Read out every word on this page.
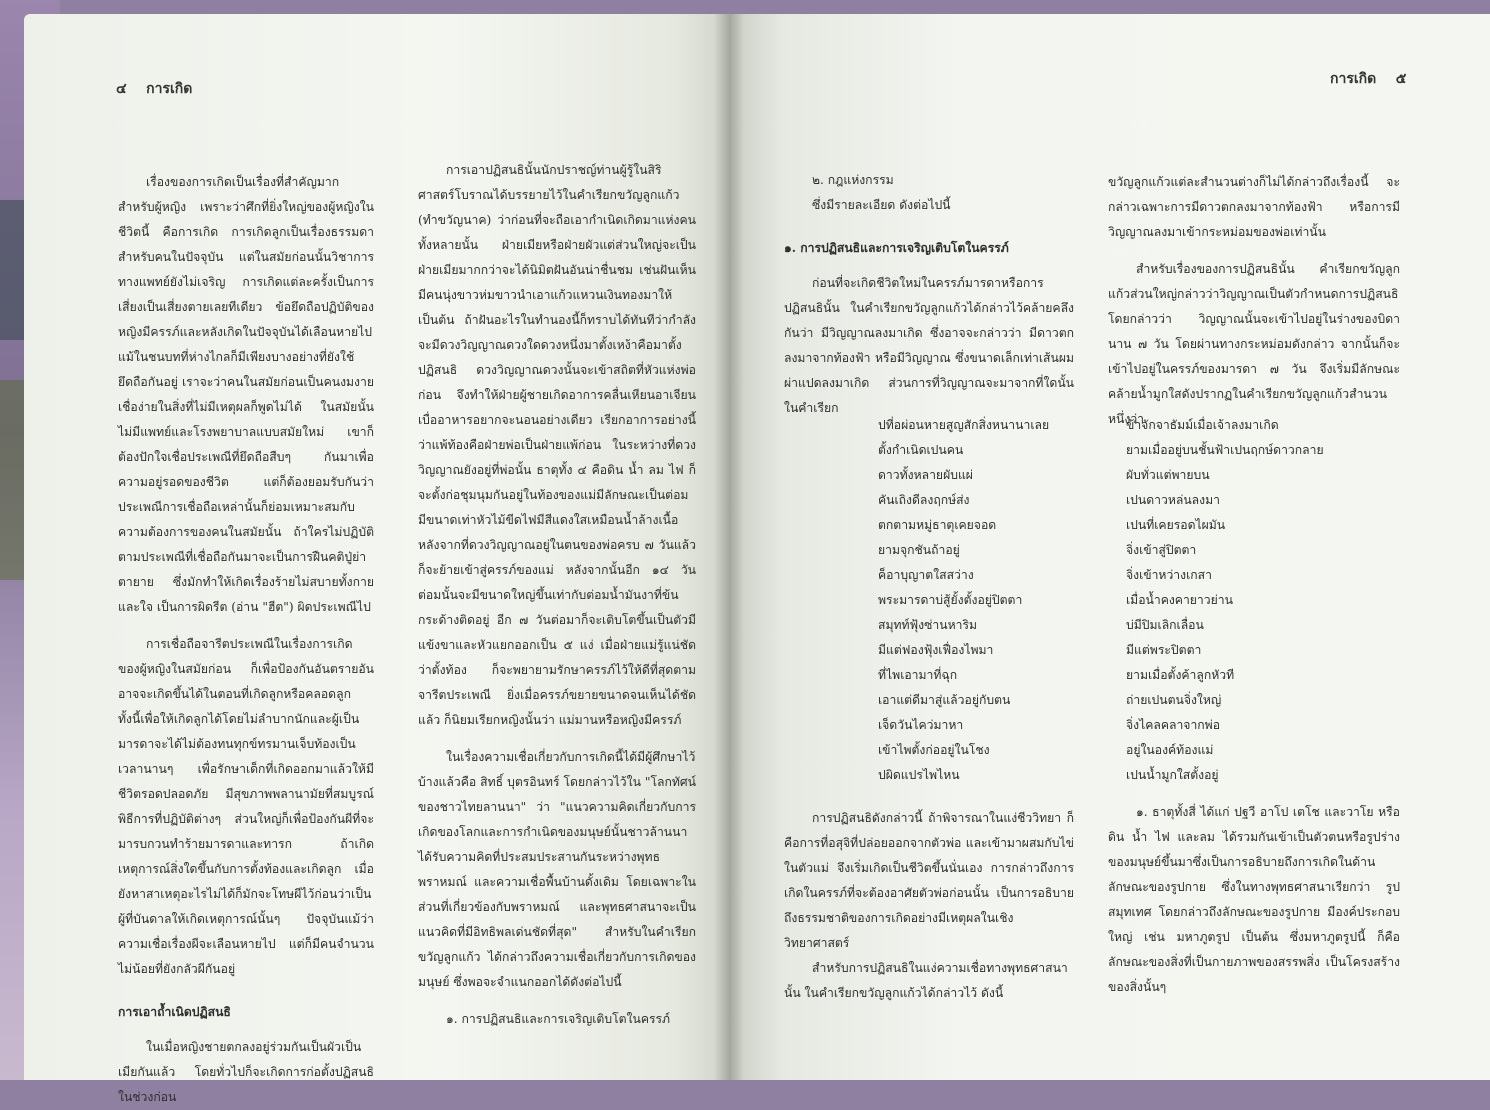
๔ การเกิด

เรื่องของการเกิดเป็นเรื่องที่สำคัญมากสำหรับผู้หญิง เพราะว่าศึกที่ยิ่งใหญ่ของผู้หญิงในชีวิตนี้ คือการเกิด การเกิดลูกเป็นเรื่องธรรมดาสำหรับคนในปัจจุบัน แต่ในสมัยก่อนนั้นวิชาการทางแพทย์ยังไม่เจริญ การเกิดแต่ละครั้งเป็นการเสี่ยงเป็นเสี่ยงตายเลยทีเดียว ข้อยึดถือปฏิบัติของหญิงมีครรภ์และหลังเกิดในปัจจุบันได้เลือนหายไป แม้ในชนบทที่ห่างไกลก็มีเพียงบางอย่างที่ยังใช้ยึดถือกันอยู่ เราจะว่าคนในสมัยก่อนเป็นคนงมงาย เชื่อง่ายในสิ่งที่ไม่มีเหตุผลก็พูดไม่ได้ ในสมัยนั้นไม่มีแพทย์และโรงพยาบาลแบบสมัยใหม่ เขาก็ต้องปักใจเชื่อประเพณีที่ยึดถือสืบๆ กันมาเพื่อความอยู่รอดของชีวิต แต่ก็ต้องยอมรับกันว่าประเพณีการเชื่อถือเหล่านั้นก็ย่อมเหมาะสมกับความต้องการของคนในสมัยนั้น ถ้าใครไม่ปฏิบัติตามประเพณีที่เชื่อถือกันมาจะเป็นการฝืนคติปู่ย่าตายาย ซึ่งมักทำให้เกิดเรื่องร้ายไม่สบายทั้งกายและใจ เป็นการผิดรีต (อ่าน "ฮีต") ผิดประเพณีไป

การเชื่อถือจารีตประเพณีในเรื่องการเกิดของผู้หญิงในสมัยก่อน ก็เพื่อป้องกันอันตรายอันอาจจะเกิดขึ้นได้ในตอนที่เกิดลูกหรือคลอดลูก ทั้งนี้เพื่อให้เกิดลูกได้โดยไม่ลำบากนักและผู้เป็นมารดาจะได้ไม่ต้องทนทุกข์ทรมานเจ็บท้องเป็นเวลานานๆ เพื่อรักษาเด็กที่เกิดออกมาแล้วให้มีชีวิตรอดปลอดภัย มีสุขภาพพลานามัยที่สมบูรณ์ พิธีการที่ปฏิบัติต่างๆ ส่วนใหญ่ก็เพื่อป้องกันผีที่จะมารบกวนทำร้ายมารดาและทารก ถ้าเกิดเหตุการณ์สิ่งใดขึ้นกับการตั้งท้องและเกิดลูก เมื่อยังหาสาเหตุอะไรไม่ได้ก็มักจะโทษผีไว้ก่อนว่าเป็นผู้ที่บันดาลให้เกิดเหตุการณ์นั้นๆ ปัจจุบันแม้ว่าความเชื่อเรื่องผีจะเลือนหายไป แต่ก็มีคนจำนวนไม่น้อยที่ยังกลัวผีกันอยู่

การเอาถ้ำเนิดปฏิสนธิ

ในเมื่อหญิงชายตกลงอยู่ร่วมกันเป็นผัวเป็นเมียกันแล้ว โดยทั่วไปก็จะเกิดการก่อตั้งปฏิสนธิ ในช่วงก่อน

การเอาปฏิสนธินั้นนักปราชญ์ท่านผู้รู้ในสิริศาสตร์โบราณได้บรรยายไว้ในคำเรียกขวัญลูกแก้ว (ทำขวัญนาค) ว่าก่อนที่จะถือเอากำเนิดเกิดมาแห่งคนทั้งหลายนั้น ฝ่ายเมียหรือฝ่ายผัวแต่ส่วนใหญ่จะเป็นฝ่ายเมียมากกว่าจะได้นิมิตฝันอันน่าชื่นชม เช่นฝันเห็นมีคนนุ่งขาวห่มขาวนำเอาแก้วแหวนเงินทองมาให้ เป็นต้น ถ้าฝันอะไรในทำนองนี้ก็ทราบได้ทันทีว่ากำลังจะมีดวงวิญญาณดวงใดดวงหนึ่งมาตั้งเหง้าคือมาตั้งปฏิสนธิ ดวงวิญญาณดวงนั้นจะเข้าสถิตที่หัวแห่งพ่อก่อน จึงทำให้ฝ่ายผู้ชายเกิดอาการคลื่นเหียนอาเจียน เบื่ออาหารอยากจะนอนอย่างเดียว เรียกอาการอย่างนี้ว่าแพ้ท้องคือฝ่ายพ่อเป็นฝ่ายแพ้ก่อน ในระหว่างที่ดวงวิญญาณยังอยู่ที่พ่อนั้น ธาตุทั้ง ๔ คือดิน น้ำ ลม ไฟ ก็จะตั้งก่อชุมนุมกันอยู่ในท้องของแม่มีลักษณะเป็นต่อมมีขนาดเท่าหัวไม้ขีดไฟมีสีแดงใสเหมือนน้ำล้างเนื้อ หลังจากที่ดวงวิญญาณอยู่ในตนของพ่อครบ ๗ วันแล้วก็จะย้ายเข้าสู่ครรภ์ของแม่ หลังจากนั้นอีก ๑๔ วัน ต่อมนั้นจะมีขนาดใหญ่ขึ้นเท่ากับต่อมน้ำมันงาที่ข้นกระด้างติดอยู่ อีก ๗ วันต่อมาก็จะเติบโตขึ้นเป็นตัวมีแข้งขาและหัวแยกออกเป็น ๕ แง่ เมื่อฝ่ายแม่รู้แน่ชัดว่าตั้งท้อง ก็จะพยายามรักษาครรภ์ไว้ให้ดีที่สุดตามจารีตประเพณี ยิ่งเมื่อครรภ์ขยายขนาดจนเห็นได้ชัดแล้ว ก็นิยมเรียกหญิงนั้นว่า แม่มานหรือหญิงมีครรภ์

ในเรื่องความเชื่อเกี่ยวกับการเกิดนี้ได้มีผู้ศึกษาไว้บ้างแล้วคือ สิทธิ์ บุตรอินทร์ โดยกล่าวไว้ใน "โลกทัศน์ของชาวไทยลานนา" ว่า "แนวความคิดเกี่ยวกับการเกิดของโลกและการกำเนิดของมนุษย์นั้นชาวล้านนาได้รับความคิดที่ประสมประสานกันระหว่างพุทธ พราหมณ์ และความเชื่อพื้นบ้านดั้งเดิม โดยเฉพาะในส่วนที่เกี่ยวข้องกับพราหมณ์ และพุทธศาสนาจะเป็นแนวคิดที่มีอิทธิพลเด่นชัดที่สุด" สำหรับในคำเรียกขวัญลูกแก้ว ได้กล่าวถึงความเชื่อเกี่ยวกับการเกิดของมนุษย์ ซึ่งพอจะจำแนกออกได้ดังต่อไปนี้

๑. การปฏิสนธิและการเจริญเติบโตในครรภ์

การเกิด ๕

๒. กฎแห่งกรรม

ซึ่งมีรายละเอียด ดังต่อไปนี้

๑. การปฏิสนธิและการเจริญเติบโตในครรภ์

ก่อนที่จะเกิดชีวิตใหม่ในครรภ์มารดาหรือการปฏิสนธินั้น ในคำเรียกขวัญลูกแก้วได้กล่าวไว้คล้ายคลึงกันว่า มีวิญญาณลงมาเกิด ซึ่งอาจจะกล่าวว่า มีดาวตกลงมาจากท้องฟ้า หรือมีวิญญาณ ซึ่งขนาดเล็กเท่าเส้นผมผ่าแปดลงมาเกิด ส่วนการที่วิญญาณจะมาจากที่ใดนั้น ในคำเรียก

ปที่อผ่อนหายสูญสักสิ่งหนานาเลย
ตั้งกำเนิดเปนคน
ดาวทั้งหลายผับแผ่
คันเถิงดีลงฤกษ์ส่ง
ตกตามหมู่ธาตุเคยจอด
ยามจุกชันถ้าอยู่
ค็อาบุญาตใสสว่าง
พระมารดาบ่สู้ยั้งตั้งอยู่ปิตตา
สมุทท์ฟุ้งซ่านหาริม
มีแต่ฟองฟุ้งเฟื่องไพมา
ที่ไพเอามาที่ฉุก
เอาแต่ดีมาสู่แล้วอยู่กับตน
เจ็ดวันไคว่มาหา
เข้าไพตั้งก่ออยู่ในโชง
ปผิดแปรไพไหน

การปฏิสนธิดังกล่าวนี้ ถ้าพิจารณาในแง่ชีววิทยา ก็คือการที่อสุจิที่ปล่อยออกจากตัวพ่อ และเข้ามาผสมกับไข่ในตัวแม่ จึงเริ่มเกิดเป็นชีวิตขึ้นนั่นเอง การกล่าวถึงการเกิดในครรภ์ที่จะต้องอาศัยตัวพ่อก่อนนั้น เป็นการอธิบายถึงธรรมชาติของการเกิดอย่างมีเหตุผลในเชิงวิทยาศาสตร์

สำหรับการปฏิสนธิในแง่ความเชื่อทางพุทธศาสนานั้น ในคำเรียกขวัญลูกแก้วได้กล่าวไว้ ดังนี้

ขวัญลูกแก้วแต่ละสำนวนต่างก็ไม่ได้กล่าวถึงเรื่องนี้ จะกล่าวเฉพาะการมีดาวตกลงมาจากท้องฟ้า หรือการมีวิญญาณลงมาเข้ากระหม่อมของพ่อเท่านั้น

สำหรับเรื่องของการปฏิสนธินั้น คำเรียกขวัญลูกแก้วส่วนใหญ่กล่าวว่าวิญญาณเป็นตัวกำหนดการปฏิสนธิ โดยกล่าวว่า วิญญาณนั้นจะเข้าไปอยู่ในร่างของบิดานาน ๗ วัน โดยผ่านทางกระหม่อมดังกล่าว จากนั้นก็จะเข้าไปอยู่ในครรภ์ของมารดา ๗ วัน จึงเริ่มมีลักษณะคล้ายน้ำมูกใสดังปรากฏในคำเรียกขวัญลูกแก้วสำนวนหนึ่งว่า

ข้าจักจาธัมม์เมื่อเจ้าลงมาเกิด
ยามเมื่ออยู่บนชั้นฟ้าเปนฤกษ์ดาวกลาย
ผับทั่วแต่พายบน
เปนดาวหล่นลงมา
เปนที่เคยรอดไผมัน
จิ่งเข้าสู่ปิตตา
จิ่งเข้าหว่างเกสา
เมื่อน้ำคงคายาวย่าน
บ่มีปิมเลิกเลื่อน
มีแต่พระปิตตา
ยามเมื่อตั้งค้าลูกหัวที
ถ่ายเปนตนจิ่งใหญ่
จิ่งไคลคลาจากพ่อ
อยู่ในองค์ท้องแม่
เปนน้ำมูกใสตั้งอยู่

๑. ธาตุทั้งสี่ ได้แก่ ปฐวี อาโป เตโช และวาโย หรือ ดิน น้ำ ไฟ และลม ได้รวมกันเข้าเป็นตัวตนหรือรูปร่างของมนุษย์ขึ้นมาซึ่งเป็นการอธิบายถึงการเกิดในด้านลักษณะของรูปกาย ซึ่งในทางพุทธศาสนาเรียกว่า รูปสมุทเทศ โดยกล่าวถึงลักษณะของรูปกาย มีองค์ประกอบใหญ่ เช่น มหาภูตรูป เป็นต้น ซึ่งมหาภูตรูปนี้ ก็คือ ลักษณะของสิ่งที่เป็นกายภาพของสรรพสิ่ง เป็นโครงสร้างของสิ่งนั้นๆ
